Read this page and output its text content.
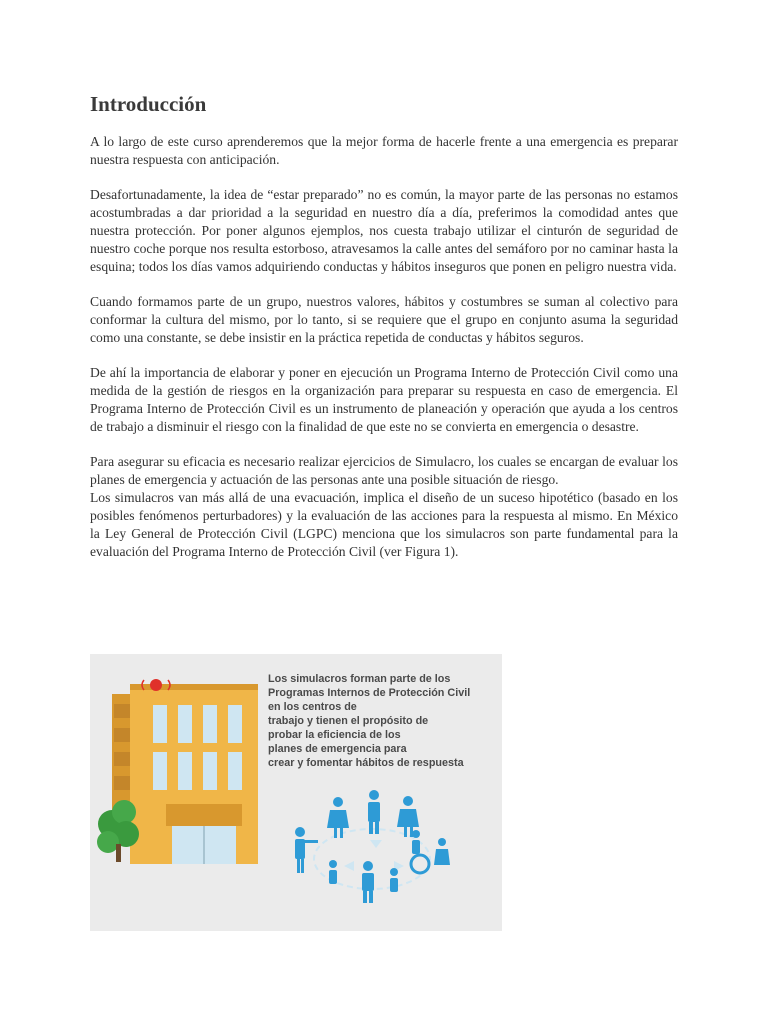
Introducción

A lo largo de este curso aprenderemos que la mejor forma de hacerle frente a una emergencia es preparar nuestra respuesta con anticipación.

Desafortunadamente, la idea de “estar preparado” no es común, la mayor parte de las personas no estamos acostumbradas a dar prioridad a la seguridad en nuestro día a día, preferimos la comodidad antes que nuestra protección. Por poner algunos ejemplos, nos cuesta trabajo utilizar el cinturón de seguridad de nuestro coche porque nos resulta estorboso, atravesamos la calle antes del semáforo por no caminar hasta la esquina; todos los días vamos adquiriendo conductas y hábitos inseguros que ponen en peligro nuestra vida.

Cuando formamos parte de un grupo, nuestros valores, hábitos y costumbres se suman al colectivo para conformar la cultura del mismo, por lo tanto, si se requiere que el grupo en conjunto asuma la seguridad como una constante, se debe insistir en la práctica repetida de conductas y hábitos seguros.

De ahí la importancia de elaborar y poner en ejecución un Programa Interno de Protección Civil como una medida de la gestión de riesgos en la organización para preparar su respuesta en caso de emergencia. El Programa Interno de Protección Civil es un instrumento de planeación y operación que ayuda a los centros de trabajo a disminuir el riesgo con la finalidad de que este no se convierta en emergencia o desastre.

Para asegurar su eficacia es necesario realizar ejercicios de Simulacro, los cuales se encargan de evaluar los planes de emergencia y actuación de las personas ante una posible situación de riesgo.

Los simulacros van más allá de una evacuación, implica el diseño de un suceso hipotético (basado en los posibles fenómenos perturbadores) y la evaluación de las acciones para la respuesta al mismo. En México la Ley General de Protección Civil (LGPC) menciona que los simulacros son parte fundamental para la evaluación del Programa Interno de Protección Civil (ver Figura 1).

Los simulacros forman parte de los
Programas Internos de Protección Civil
en los centros de
trabajo y tienen el propósito de
probar la eficiencia de los
planes de emergencia para
crear y fomentar hábitos de respuesta
